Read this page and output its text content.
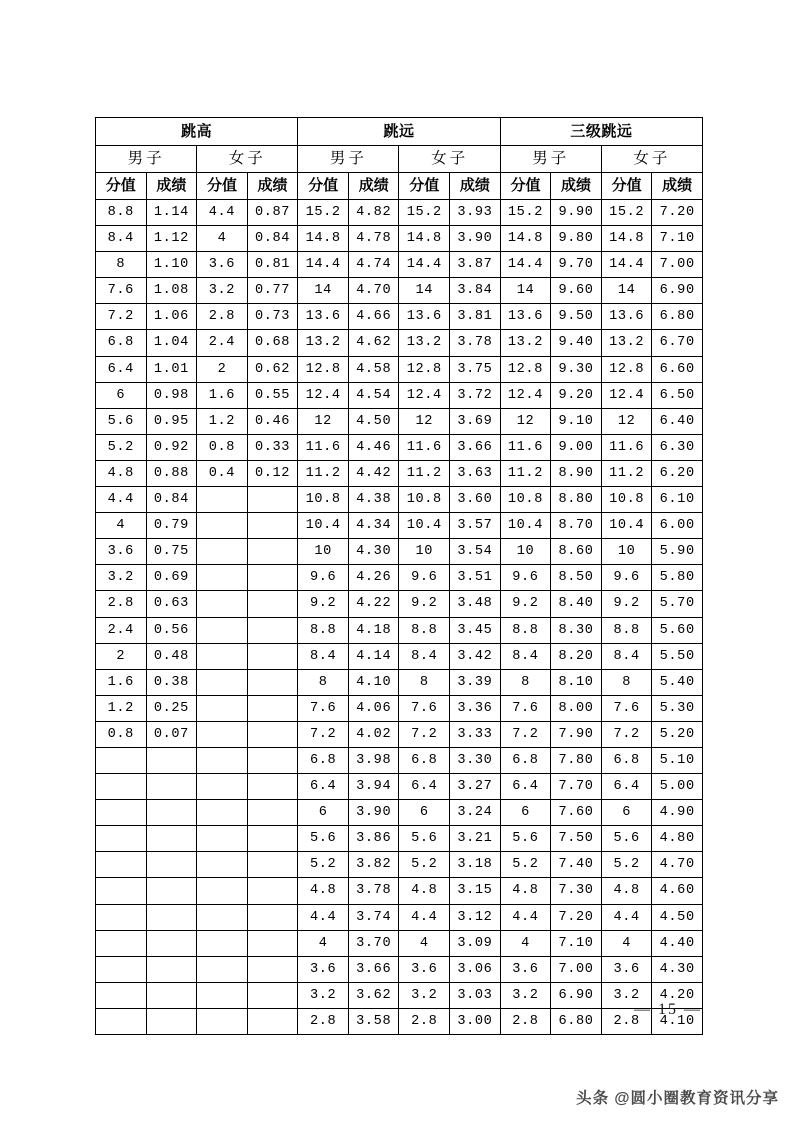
跳高				跳远				三级跳远			
男子		女子		男子		女子		男子		女子	
分值	成绩	分值	成绩	分值	成绩	分值	成绩	分值	成绩	分值	成绩
8.8	1.14	4.4	0.87	15.2	4.82	15.2	3.93	15.2	9.90	15.2	7.20
8.4	1.12	4	0.84	14.8	4.78	14.8	3.90	14.8	9.80	14.8	7.10
8	1.10	3.6	0.81	14.4	4.74	14.4	3.87	14.4	9.70	14.4	7.00
7.6	1.08	3.2	0.77	14	4.70	14	3.84	14	9.60	14	6.90
7.2	1.06	2.8	0.73	13.6	4.66	13.6	3.81	13.6	9.50	13.6	6.80
6.8	1.04	2.4	0.68	13.2	4.62	13.2	3.78	13.2	9.40	13.2	6.70
6.4	1.01	2	0.62	12.8	4.58	12.8	3.75	12.8	9.30	12.8	6.60
6	0.98	1.6	0.55	12.4	4.54	12.4	3.72	12.4	9.20	12.4	6.50
5.6	0.95	1.2	0.46	12	4.50	12	3.69	12	9.10	12	6.40
5.2	0.92	0.8	0.33	11.6	4.46	11.6	3.66	11.6	9.00	11.6	6.30
4.8	0.88	0.4	0.12	11.2	4.42	11.2	3.63	11.2	8.90	11.2	6.20
4.4	0.84			10.8	4.38	10.8	3.60	10.8	8.80	10.8	6.10
4	0.79			10.4	4.34	10.4	3.57	10.4	8.70	10.4	6.00
3.6	0.75			10	4.30	10	3.54	10	8.60	10	5.90
3.2	0.69			9.6	4.26	9.6	3.51	9.6	8.50	9.6	5.80
2.8	0.63			9.2	4.22	9.2	3.48	9.2	8.40	9.2	5.70
2.4	0.56			8.8	4.18	8.8	3.45	8.8	8.30	8.8	5.60
2	0.48			8.4	4.14	8.4	3.42	8.4	8.20	8.4	5.50
1.6	0.38			8	4.10	8	3.39	8	8.10	8	5.40
1.2	0.25			7.6	4.06	7.6	3.36	7.6	8.00	7.6	5.30
0.8	0.07			7.2	4.02	7.2	3.33	7.2	7.90	7.2	5.20
				6.8	3.98	6.8	3.30	6.8	7.80	6.8	5.10
				6.4	3.94	6.4	3.27	6.4	7.70	6.4	5.00
				6	3.90	6	3.24	6	7.60	6	4.90
				5.6	3.86	5.6	3.21	5.6	7.50	5.6	4.80
				5.2	3.82	5.2	3.18	5.2	7.40	5.2	4.70
				4.8	3.78	4.8	3.15	4.8	7.30	4.8	4.60
				4.4	3.74	4.4	3.12	4.4	7.20	4.4	4.50
				4	3.70	4	3.09	4	7.10	4	4.40
				3.6	3.66	3.6	3.06	3.6	7.00	3.6	4.30
				3.2	3.62	3.2	3.03	3.2	6.90	3.2	4.20
				2.8	3.58	2.8	3.00	2.8	6.80	2.8	4.10
— 15 —
头条 @圆小圈教育资讯分享
